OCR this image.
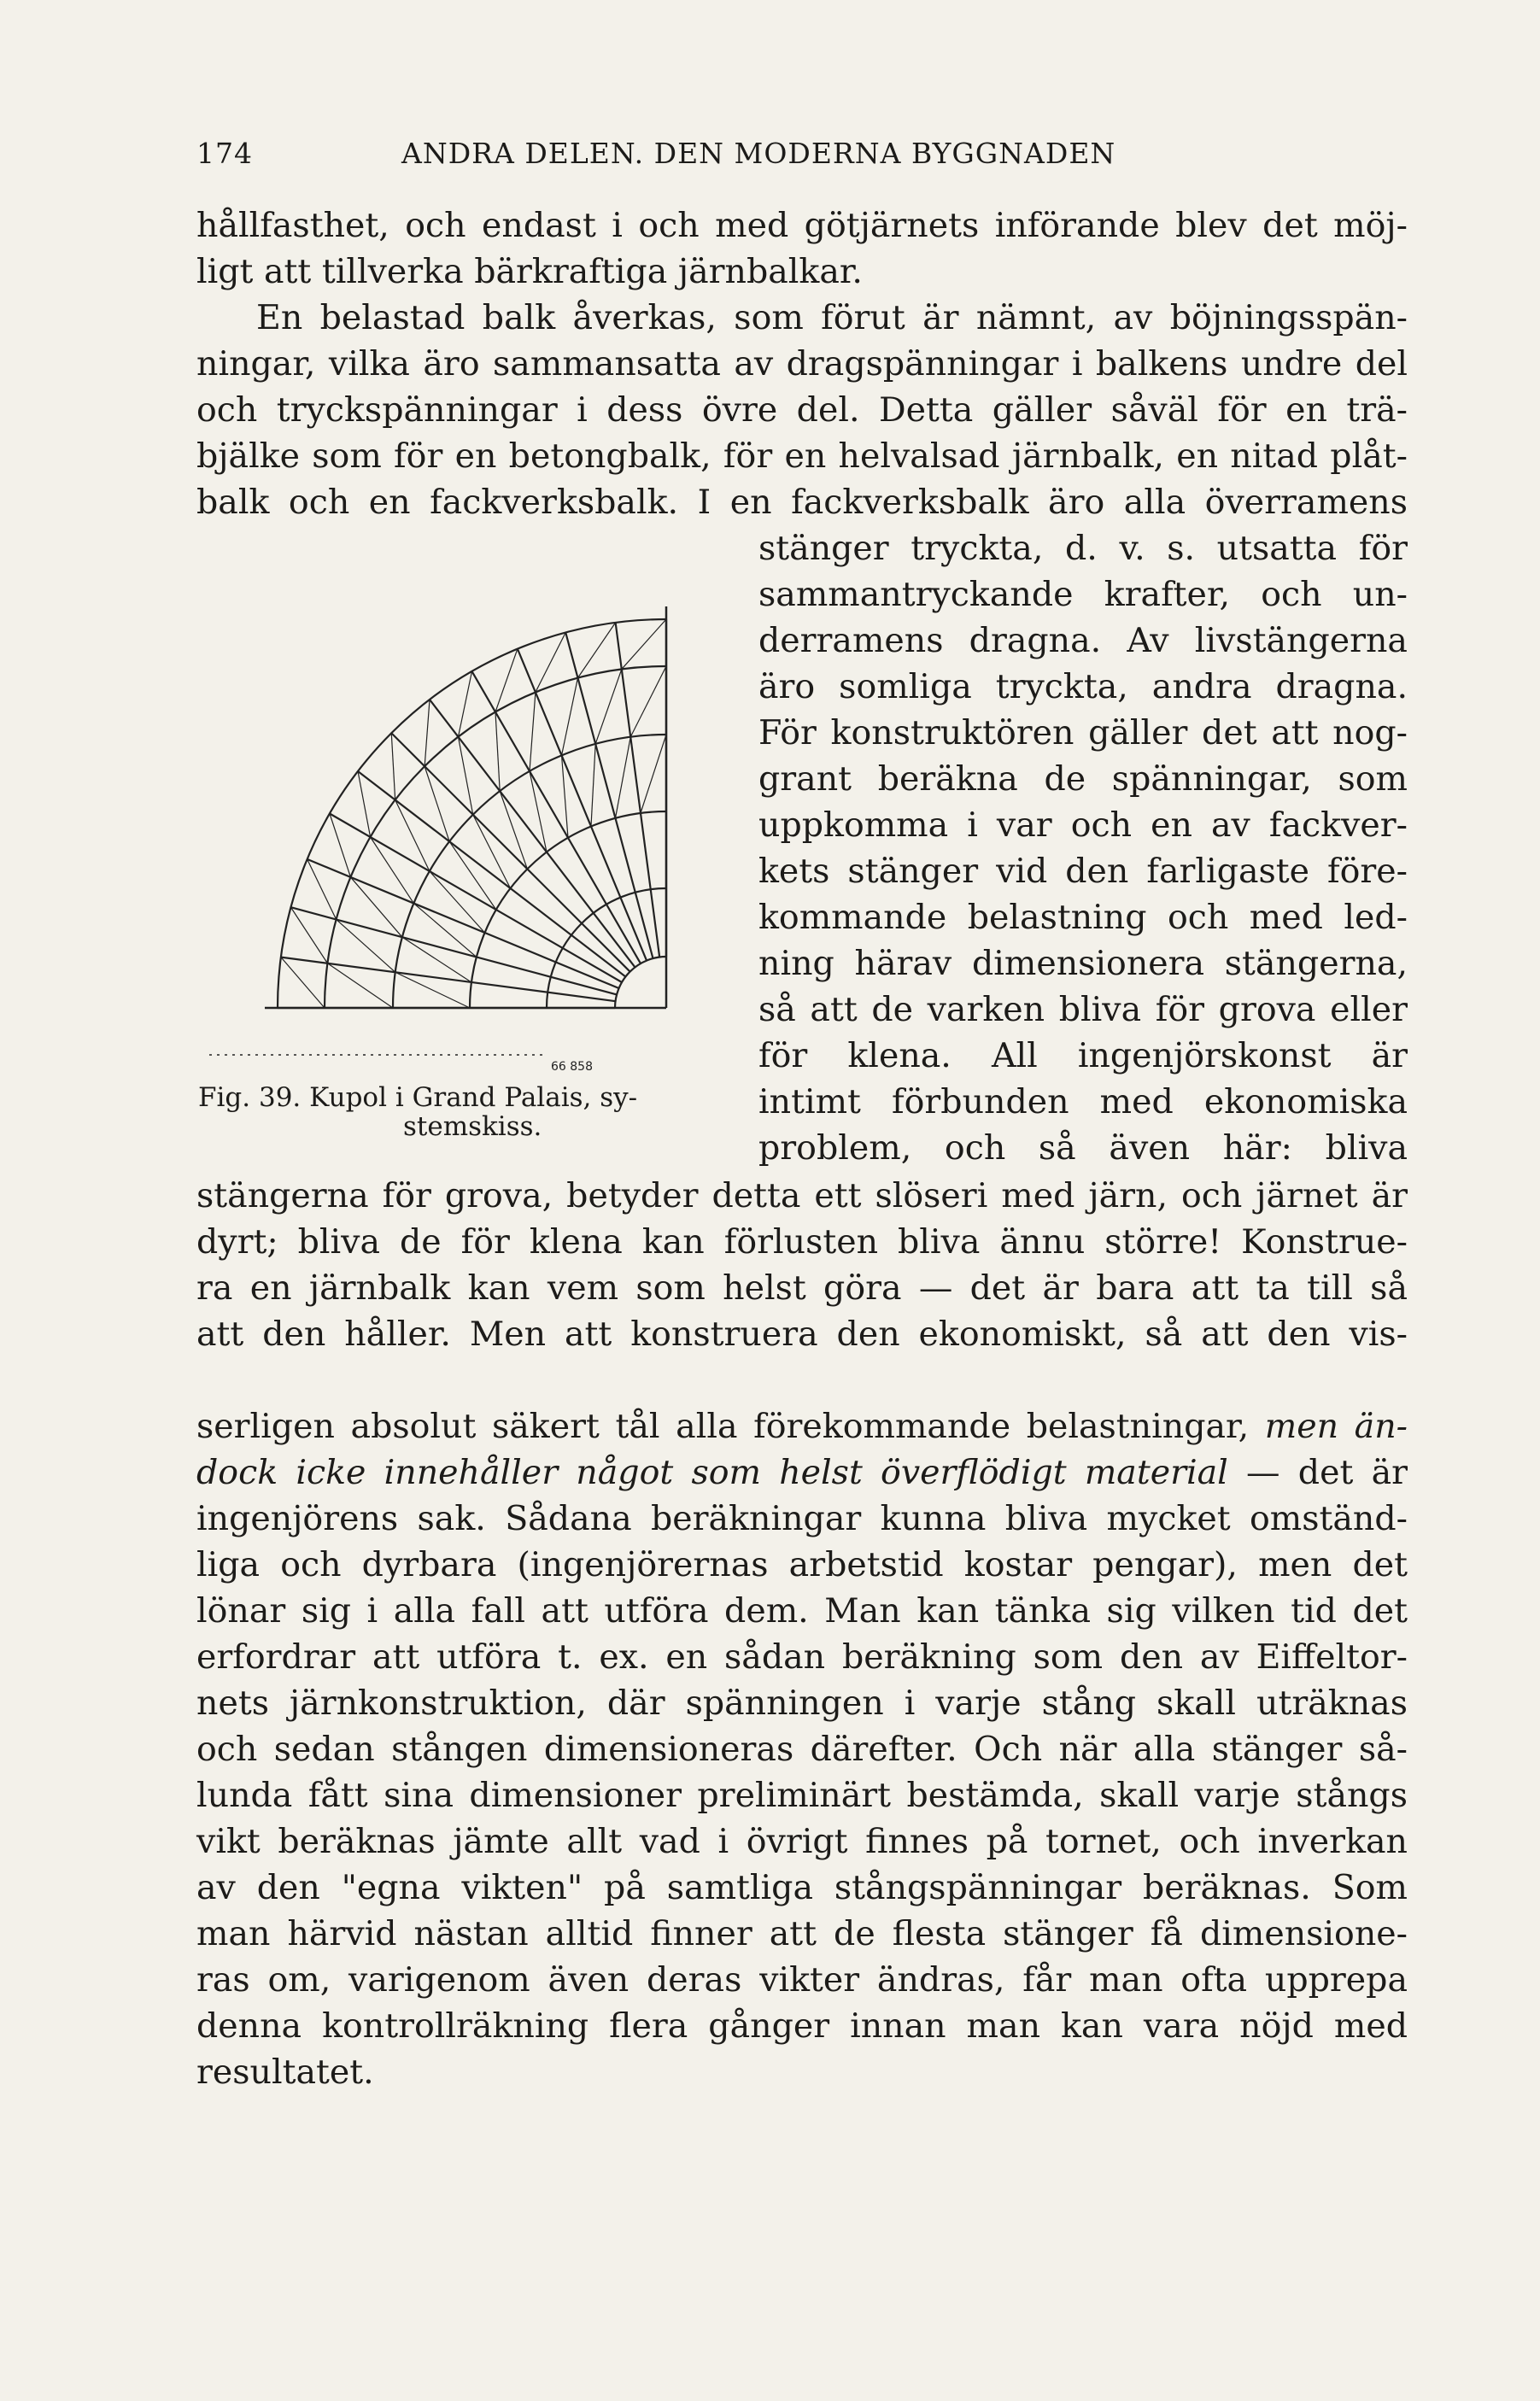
174	ANDRA DELEN. DEN MODERNA BYGGNADEN
hållfasthet, och endast i och med götjärnets införande blev det möj-
ligt att tillverka bärkraftiga järnbalkar.
En belastad balk åverkas, som förut är nämnt, av böjningsspän-
ningar, vilka äro sammansatta av dragspänningar i balkens undre del
och tryckspänningar i dess övre del. Detta gäller såväl för en trä-
bjälke som för en betongbalk, för en helvalsad järnbalk, en nitad plåt-
balk och en fackverksbalk. I en fackverksbalk äro alla överramens
stänger tryckta, d. v. s. utsatta för
sammantryckande krafter, och un-
derramens dragna. Av livstängerna
äro somliga tryckta, andra dragna.
För konstruktören gäller det att nog-
grant beräkna de spänningar, som
uppkomma i var och en av fackver-
kets stänger vid den farligaste före-
kommande belastning och med led-
ning härav dimensionera stängerna,
så att de varken bliva för grova eller
för klena. All ingenjörskonst är
intimt förbunden med ekonomiska
problem, och så även här: bliva
stängerna för grova, betyder detta ett slöseri med järn, och järnet är
dyrt; bliva de för klena kan förlusten bliva ännu större! Konstrue-
ra en järnbalk kan vem som helst göra — det är bara att ta till så
att den håller. Men att konstruera den ekonomiskt, så att den vis-
serligen absolut säkert tål alla förekommande belastningar, men än-
dock icke innehåller något som helst överflödigt material — det är
ingenjörens sak. Sådana beräkningar kunna bliva mycket omständ-
liga och dyrbara (ingenjörernas arbetstid kostar pengar), men det
lönar sig i alla fall att utföra dem. Man kan tänka sig vilken tid det
erfordrar att utföra t. ex. en sådan beräkning som den av Eiffeltor-
nets järnkonstruktion, där spänningen i varje stång skall uträknas
och sedan stången dimensioneras därefter. Och när alla stänger så-
lunda fått sina dimensioner preliminärt bestämda, skall varje stångs
vikt beräknas jämte allt vad i övrigt finnes på tornet, och inverkan
av den "egna vikten" på samtliga stångspänningar beräknas. Som
man härvid nästan alltid finner att de flesta stänger få dimensione-
ras om, varigenom även deras vikter ändras, får man ofta upprepa
denna kontrollräkning flera gånger innan man kan vara nöjd med
resultatet.
66 858
Fig. 39. Kupol i Grand Palais, sy-
stemskiss.
